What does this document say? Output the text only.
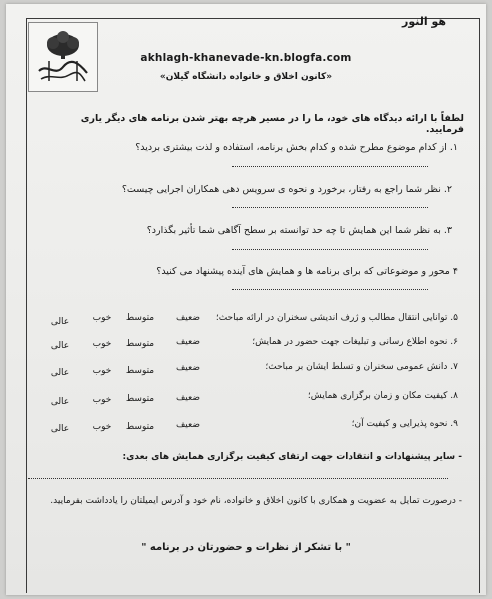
هو النور
akhlagh-khanevade-kn.blogfa.com
«کانون اخلاق و خانواده دانشگاه گیلان»
لطفاً با ارائه دیدگاه های خود، ما را در مسیر هرچه بهتر شدن برنامه های دیگر یاری فرمایید.
۱. از کدام موضوع مطرح شده و کدام بخش برنامه، استفاده و لذت بیشتری بردید؟
۲. نظر شما راجع به رفتار، برخورد و نحوه ی سرویس دهی همکاران اجرایی چیست؟
۳. به نظر شما این همایش تا چه حد توانسته بر سطح آگاهی شما تأثیر بگذارد؟
۴ محور و موضوعاتی که برای برنامه ها و همایش های آینده پیشنهاد می کنید؟
۵. توانایی انتقال مطالب و ژرف اندیشی سخنران در ارائه مباحث؛
ضعیف
متوسط
خوب
عالی
۶. نحوه اطلاع رسانی و تبلیغات جهت حضور در همایش؛
ضعیف
متوسط
خوب
عالی
۷. دانش عمومی سخنران و تسلط ایشان بر مباحث؛
ضعیف
متوسط
خوب
عالی
۸. کیفیت مکان و زمان برگزاری همایش؛
ضعیف
متوسط
خوب
عالی
۹. نحوه پذیرایی و کیفیت آن؛
ضعیف
متوسط
خوب
عالی
- سایر پیشنهادات و انتقادات جهت ارتقای کیفیت برگزاری همایش های بعدی:
- درصورت تمایل به عضویت و همکاری با کانون اخلاق و خانواده، نام خود و آدرس ایمیلتان را یادداشت بفرمایید.
" با تشکر از نظرات و حضورتان در برنامه "
